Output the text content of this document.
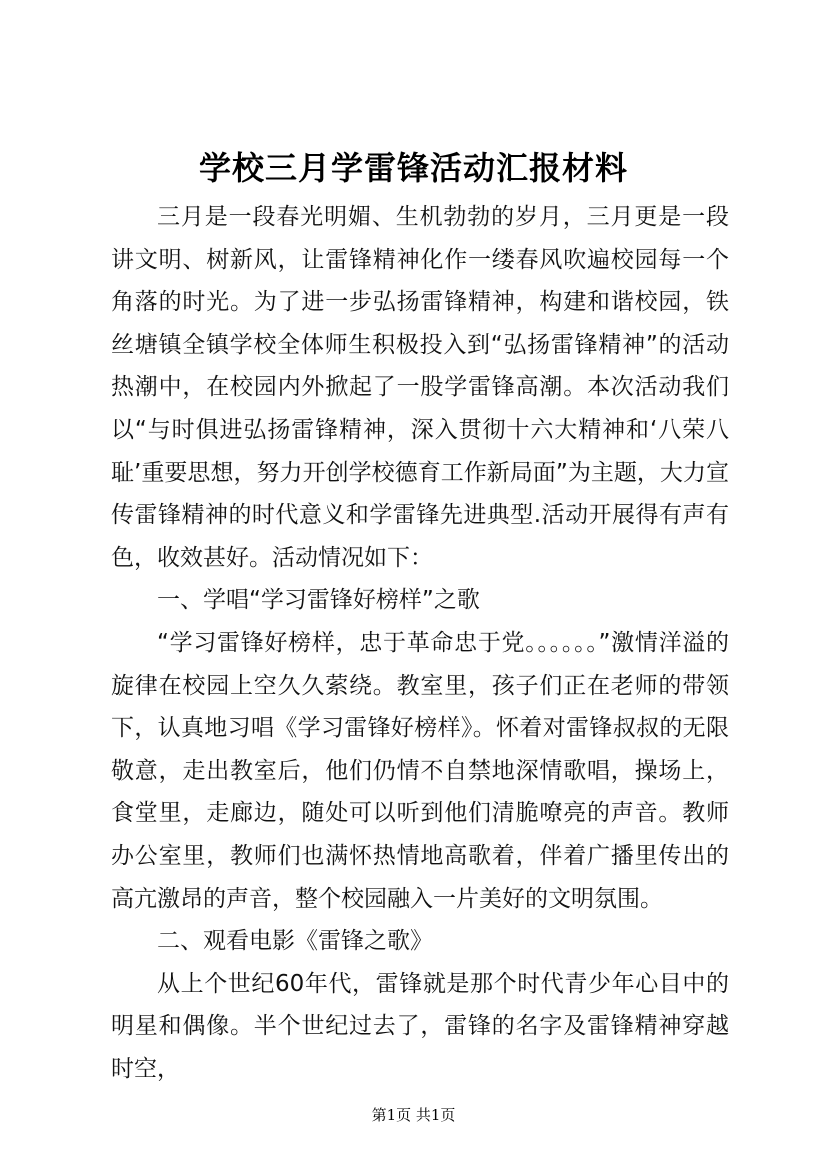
学校三月学雷锋活动汇报材料

三月是一段春光明媚、生机勃勃的岁月，三月更是一段讲文明、树新风，让雷锋精神化作一缕春风吹遍校园每一个角落的时光。为了进一步弘扬雷锋精神，构建和谐校园，铁丝塘镇全镇学校全体师生积极投入到“弘扬雷锋精神”的活动热潮中，在校园内外掀起了一股学雷锋高潮。本次活动我们以“与时俱进弘扬雷锋精神，深入贯彻十六大精神和‘八荣八耻’重要思想，努力开创学校德育工作新局面”为主题，大力宣传雷锋精神的时代意义和学雷锋先进典型.活动开展得有声有色，收效甚好。活动情况如下：

一、学唱“学习雷锋好榜样”之歌

“学习雷锋好榜样，忠于革命忠于党。。。。。。”激情洋溢的旋律在校园上空久久萦绕。教室里，孩子们正在老师的带领下，认真地习唱《学习雷锋好榜样》。怀着对雷锋叔叔的无限敬意，走出教室后，他们仍情不自禁地深情歌唱，操场上，食堂里，走廊边，随处可以听到他们清脆嘹亮的声音。教师办公室里，教师们也满怀热情地高歌着，伴着广播里传出的高亢激昂的声音，整个校园融入一片美好的文明氛围。

二、观看电影《雷锋之歌》

从上个世纪60年代，雷锋就是那个时代青少年心目中的明星和偶像。半个世纪过去了，雷锋的名字及雷锋精神穿越时空，

第1页 共1页
